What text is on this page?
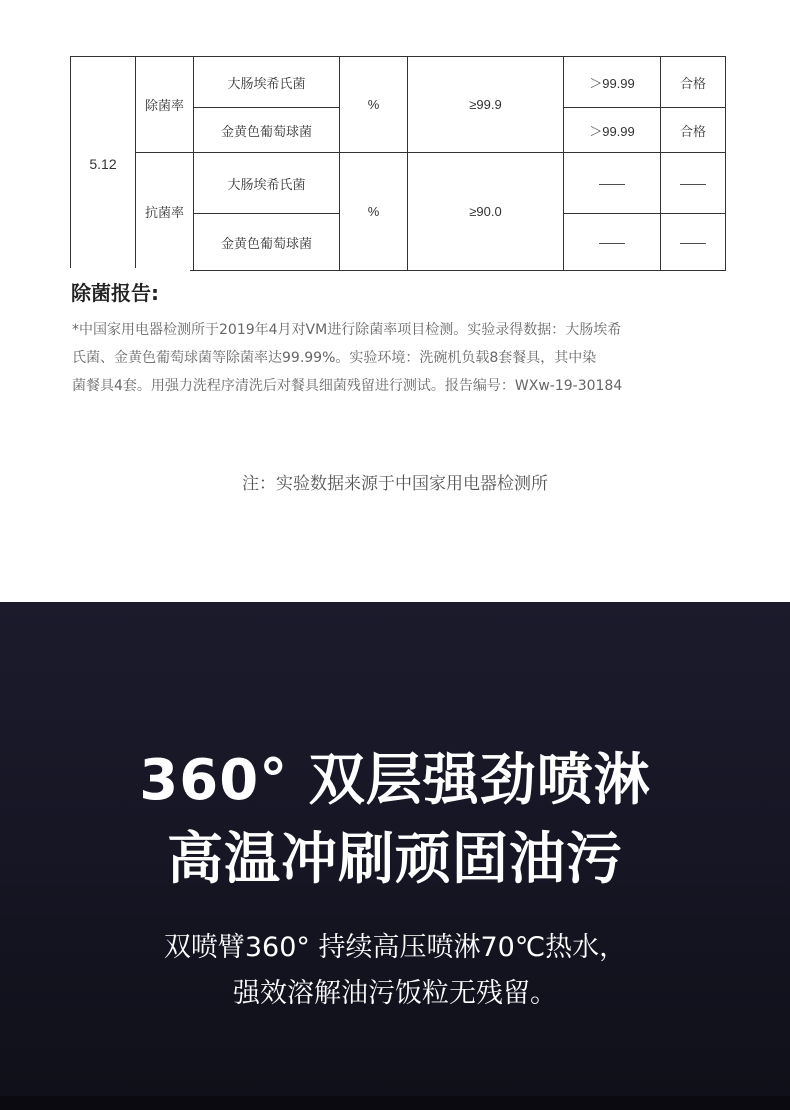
5.12	除菌率	大肠埃希氏菌	%	≥99.9	＞99.99	合格
		金黄色葡萄球菌			＞99.99	合格
	抗菌率	大肠埃希氏菌	%	≥90.0	——	——
		金黄色葡萄球菌			——	——
除菌报告:

*中国家用电器检测所于2019年4月对VM进行除菌率项目检测。实验录得数据：大肠埃希

氏菌、金黄色葡萄球菌等除菌率达99.99%。实验环境：洗碗机负载8套餐具，其中染

菌餐具4套。用强力洗程序清洗后对餐具细菌残留进行测试。报告编号：WXw-19-30184

注：实验数据来源于中国家用电器检测所
360° 双层强劲喷淋
高温冲刷顽固油污
双喷臂360° 持续高压喷淋70℃热水，
强效溶解油污饭粒无残留。
